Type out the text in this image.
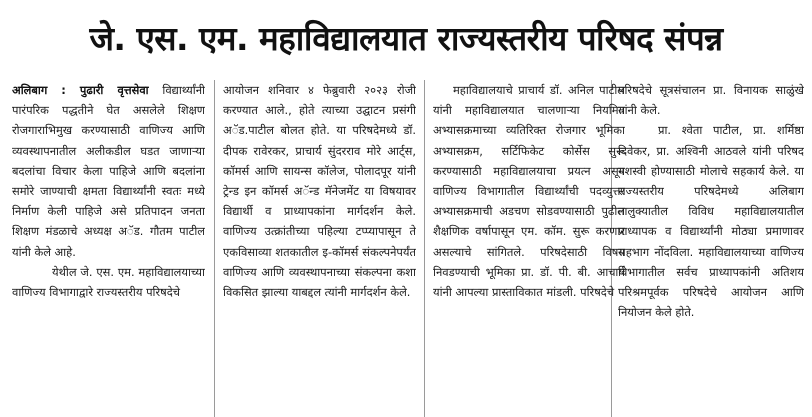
जे. एस. एम. महाविद्यालयात राज्यस्तरीय परिषद संपन्न

अलिबाग : पुढारी वृत्तसेवा विद्यार्थ्यांनी पारंपरिक पद्धतीने घेत असलेले शिक्षण रोजगाराभिमुख करण्यासाठी वाणिज्य आणि व्यवस्थापनातील अलीकडील घडत जाणाऱ्या बदलांचा विचार केला पाहिजे आणि बदलांना समोरे जाण्याची क्षमता विद्यार्थ्यांनी स्वतः मध्ये निर्माण केली पाहिजे असे प्रतिपादन जनता शिक्षण मंडळाचे अध्यक्ष अॅड. गौतम पाटील यांनी केले आहे.

येथील जे. एस. एम. महाविद्यालयाच्या वाणिज्य विभागाद्वारे राज्यस्तरीय परिषदेचे

आयोजन शनिवार ४ फेब्रुवारी २०२३ रोजी करण्यात आले., होते त्याच्या उद्घाटन प्रसंगी अॅड.पाटील बोलत होते. या परिषदेमध्ये डॉ. दीपक रावेरकर, प्राचार्य सुंदरराव मोरे आर्ट्स, कॉमर्स आणि सायन्स कॉलेज, पोलादपूर यांनी ट्रेन्ड इन कॉमर्स अॅन्ड मॅनेजमेंट या विषयावर विद्यार्थी व प्राध्यापकांना मार्गदर्शन केले. वाणिज्य उत्क्रांतीच्या पहिल्या टप्प्यापासून ते एकविसाव्या शतकातील इ-कॉमर्स संकल्पनेपर्यंत वाणिज्य आणि व्यवस्थापनाच्या संकल्पना कशा विकसित झाल्या याबद्दल त्यांनी मार्गदर्शन केले.

महाविद्यालयाचे प्राचार्य डॉ. अनिल पाटील यांनी महाविद्यालयात चालणाऱ्या नियमित अभ्यासक्रमाच्या व्यतिरिक्त रोजगार भूमिका अभ्यासक्रम, सर्टिफिकेट कोर्सेस सुरू करण्यासाठी महाविद्यालयाचा प्रयत्न असून वाणिज्य विभागातील विद्यार्थ्यांची पदव्युत्तर अभ्यासक्रमाची अडचण सोडवण्यासाठी पुढील शैक्षणिक वर्षापासून एम. कॉम. सुरू करणार असल्याचे सांगितले. परिषदेसाठी विषय निवडण्याची भूमिका प्रा. डॉ. पी. बी. आचार्य यांनी आपल्या प्रास्ताविकात मांडली. परिषदेचे

परिषदेचे सूत्रसंचालन प्रा. विनायक साळुंखे यांनी केले.

प्रा. श्वेता पाटील, प्रा. शर्मिष्ठा दिवेकर, प्रा. अश्विनी आठवले यांनी परिषद यशस्वी होण्यासाठी मोलाचे सहकार्य केले. या राज्यस्तरीय परिषदेमध्ये अलिबाग तालुक्यातील विविध महाविद्यालयातील प्राध्यापक व विद्यार्थ्यांनी मोठ्या प्रमाणावर सहभाग नोंदविला. महाविद्यालयाच्या वाणिज्य विभागातील सर्वच प्राध्यापकांनी अतिशय परिश्रमपूर्वक परिषदेचे आयोजन आणि नियोजन केले होते.
